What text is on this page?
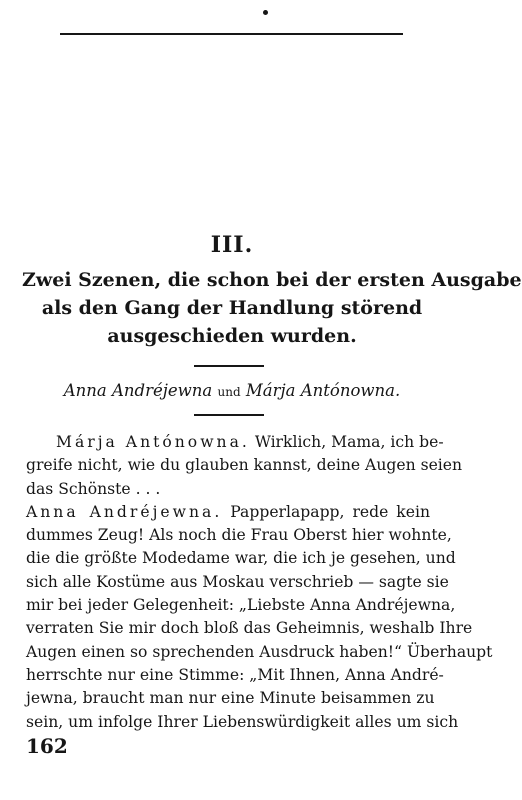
III.
Zwei Szenen, die schon bei der ersten Ausgabe
als den Gang der Handlung störend
ausgeschieden wurden.
Anna Andréjewna und Márja Antónowna.
Márja Antónowna. Wirklich, Mama, ich be-
greife nicht, wie du glauben kannst, deine Augen seien
das Schönste . . .
Anna Andréjewna. Papperlapapp, rede kein
dummes Zeug! Als noch die Frau Oberst hier wohnte,
die die größte Modedame war, die ich je gesehen, und
sich alle Kostüme aus Moskau verschrieb — sagte sie
mir bei jeder Gelegenheit: „Liebste Anna Andréjewna,
verraten Sie mir doch bloß das Geheimnis, weshalb Ihre
Augen einen so sprechenden Ausdruck haben!“ Überhaupt
herrschte nur eine Stimme: „Mit Ihnen, Anna André-
jewna, braucht man nur eine Minute beisammen zu
sein, um infolge Ihrer Liebenswürdigkeit alles um sich
162
